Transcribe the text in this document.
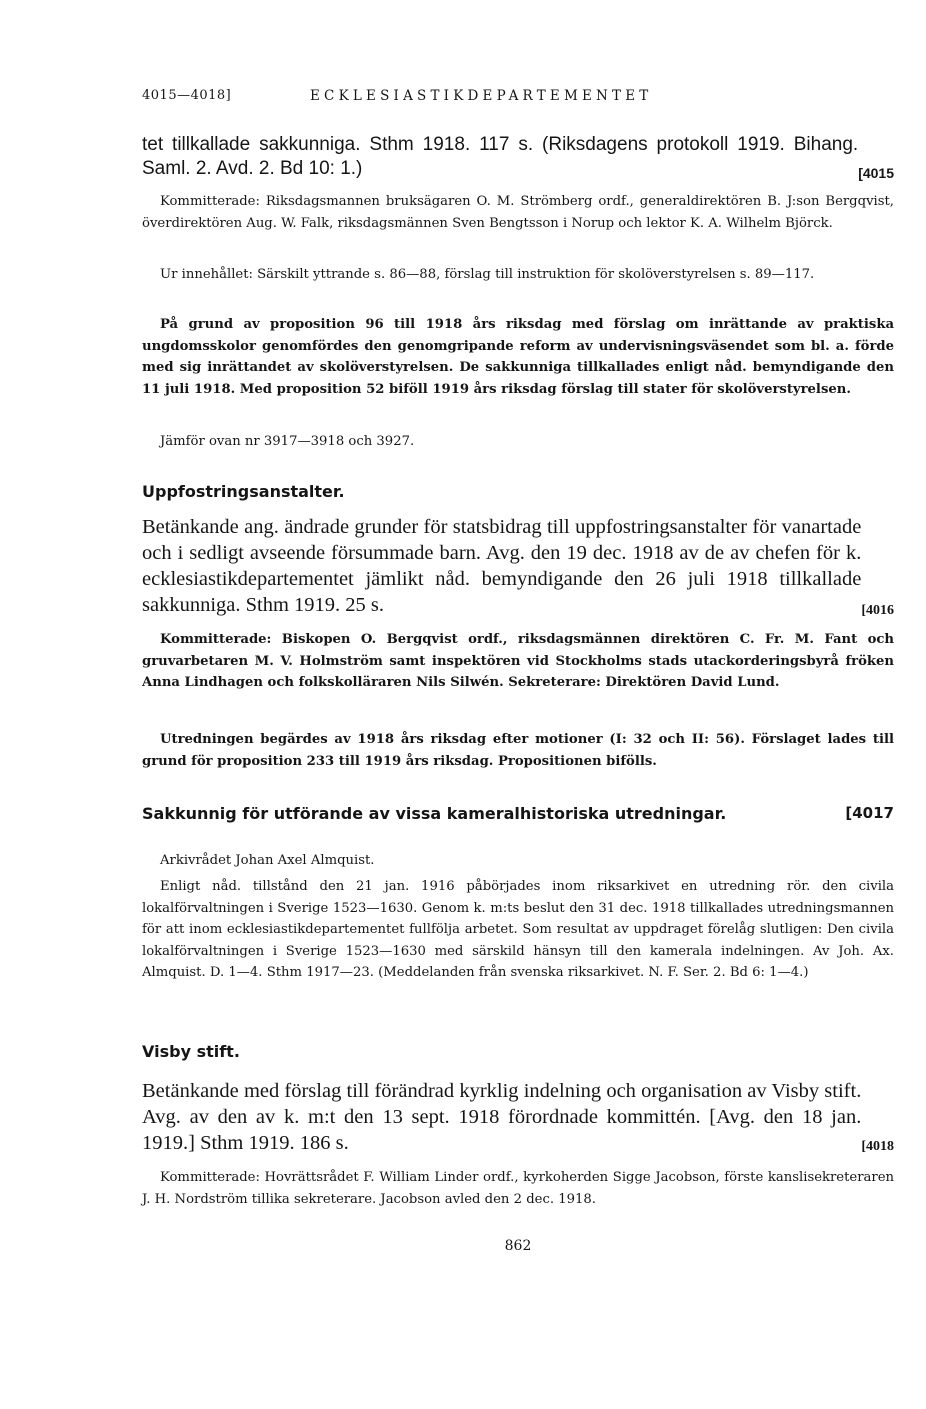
4015—4018]	ECKLESIASTIKDEPARTEMENTET
[4015
tet tillkallade sakkunniga. Sthm 1918. 117 s. (Riksdagens protokoll 1919. Bihang. Saml. 2. Avd. 2. Bd 10: 1.)

Kommitterade: Riksdagsmannen bruksägaren O. M. Strömberg ordf., generaldirektören B. J:son Bergqvist, överdirektören Aug. W. Falk, riksdagsmännen Sven Bengtsson i Norup och lektor K. A. Wilhelm Björck.

Ur innehållet: Särskilt yttrande s. 86—88, förslag till instruktion för skolöverstyrelsen s. 89—117.

På grund av proposition 96 till 1918 års riksdag med förslag om inrättande av praktiska ungdomsskolor genomfördes den genomgripande reform av undervisningsväsendet som bl. a. förde med sig inrättandet av skolöverstyrelsen. De sakkunniga tillkallades enligt nåd. bemyndigande den 11 juli 1918. Med proposition 52 biföll 1919 års riksdag förslag till stater för skolöverstyrelsen.

Jämför ovan nr 3917—3918 och 3927.

Uppfostringsanstalter.
[4016
Betänkande ang. ändrade grunder för statsbidrag till uppfostringsanstalter för vanartade och i sedligt avseende försummade barn. Avg. den 19 dec. 1918 av de av chefen för k. ecklesiastikdepartementet jämlikt nåd. bemyndigande den 26 juli 1918 tillkallade sakkunniga. Sthm 1919. 25 s.

Kommitterade: Biskopen O. Bergqvist ordf., riksdagsmännen direktören C. Fr. M. Fant och gruvarbetaren M. V. Holmström samt inspektören vid Stockholms stads utackorderingsbyrå fröken Anna Lindhagen och folkskolläraren Nils Silwén. Sekreterare: Direktören David Lund.

Utredningen begärdes av 1918 års riksdag efter motioner (I: 32 och II: 56). Förslaget lades till grund för proposition 233 till 1919 års riksdag. Propositionen bifölls.

[4017
Sakkunnig för utförande av vissa kameralhistoriska utredningar.

Arkivrådet Johan Axel Almquist.

Enligt nåd. tillstånd den 21 jan. 1916 påbörjades inom riksarkivet en utredning rör. den civila lokalförvaltningen i Sverige 1523—1630. Genom k. m:ts beslut den 31 dec. 1918 tillkallades utredningsmannen för att inom ecklesiastikdepartementet fullfölja arbetet. Som resultat av uppdraget förelåg slutligen: Den civila lokalförvaltningen i Sverige 1523—1630 med särskild hänsyn till den kamerala indelningen. Av Joh. Ax. Almquist. D. 1—4. Sthm 1917—23. (Meddelanden från svenska riksarkivet. N. F. Ser. 2. Bd 6: 1—4.)

Visby stift.
[4018
Betänkande med förslag till förändrad kyrklig indelning och organisation av Visby stift. Avg. av den av k. m:t den 13 sept. 1918 förordnade kommittén. [Avg. den 18 jan. 1919.] Sthm 1919. 186 s.

Kommitterade: Hovrättsrådet F. William Linder ordf., kyrkoherden Sigge Jacobson, förste kanslisekreteraren J. H. Nordström tillika sekreterare. Jacobson avled den 2 dec. 1918.

862
